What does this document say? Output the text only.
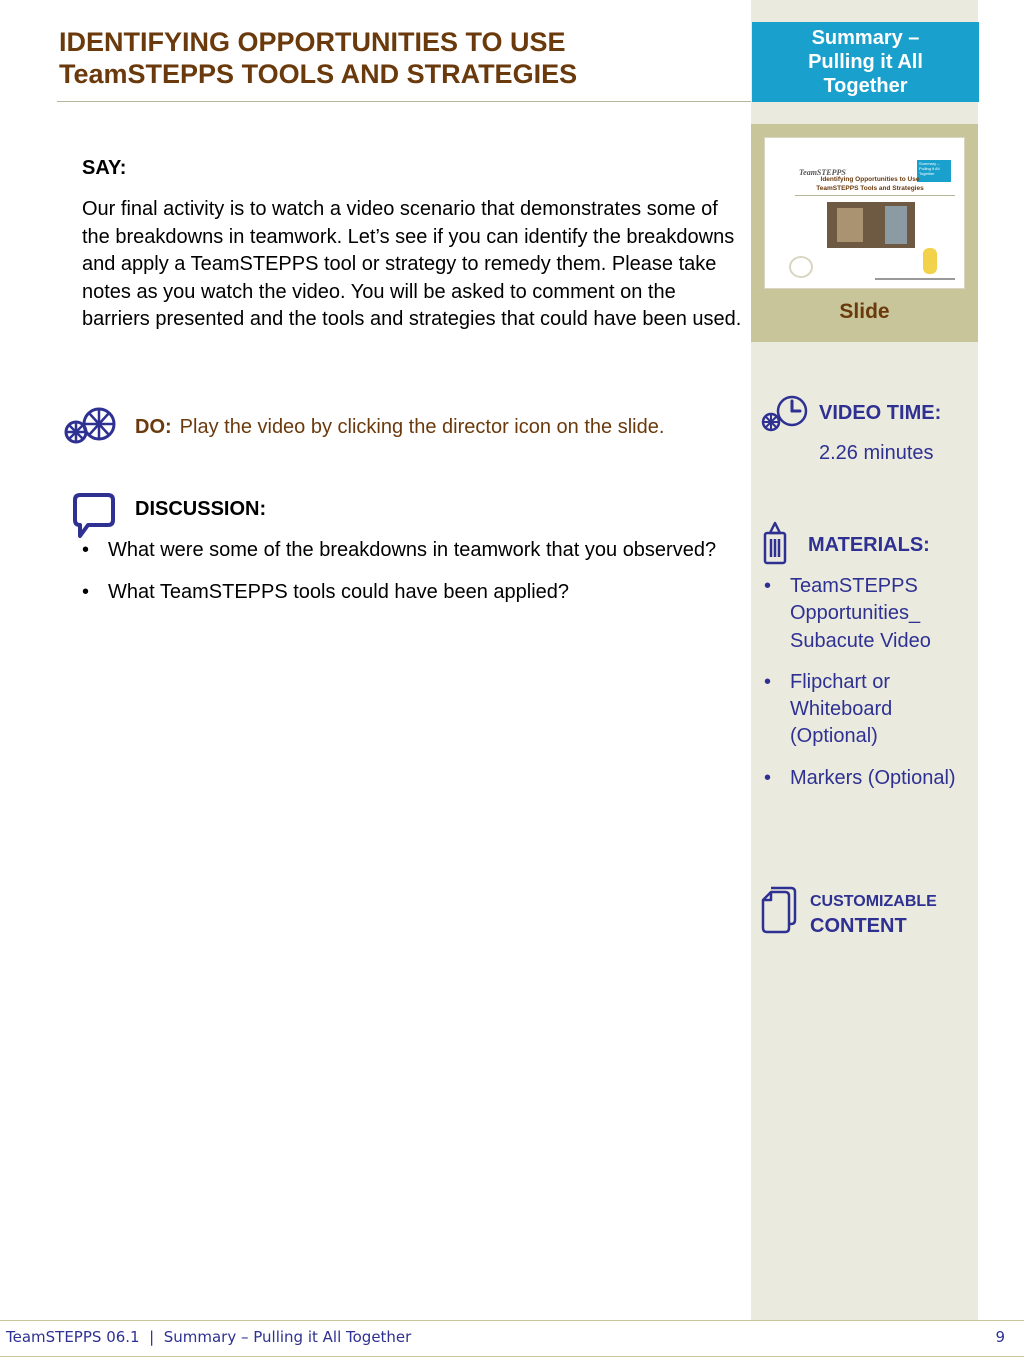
Summary – Pulling it All Together
IDENTIFYING OPPORTUNITIES TO USE
TeamSTEPPS TOOLS AND STRATEGIES
SAY:
Our final activity is to watch a video scenario that demonstrates some of the breakdowns in teamwork. Let’s see if you can identify the breakdowns and apply a TeamSTEPPS tool or strategy to remedy them. Please take notes as you watch the video. You will be asked to comment on the barriers presented and the tools and strategies that could have been used.
DO: Play the video by clicking the director icon on the slide.
DISCUSSION:
• What were some of the breakdowns in teamwork that you observed?
• What TeamSTEPPS tools could have been applied?
TeamSTEPPS
Summary – Pulling it All Together
Identifying Opportunities to Use TeamSTEPPS Tools and Strategies
Slide
VIDEO TIME:
2.26 minutes
MATERIALS:
• TeamSTEPPS Opportunities_ Subacute Video
• Flipchart or Whiteboard (Optional)
• Markers (Optional)
CUSTOMIZABLE
CONTENT
TeamSTEPPS 06.1  |  Summary – Pulling it All Together	9
